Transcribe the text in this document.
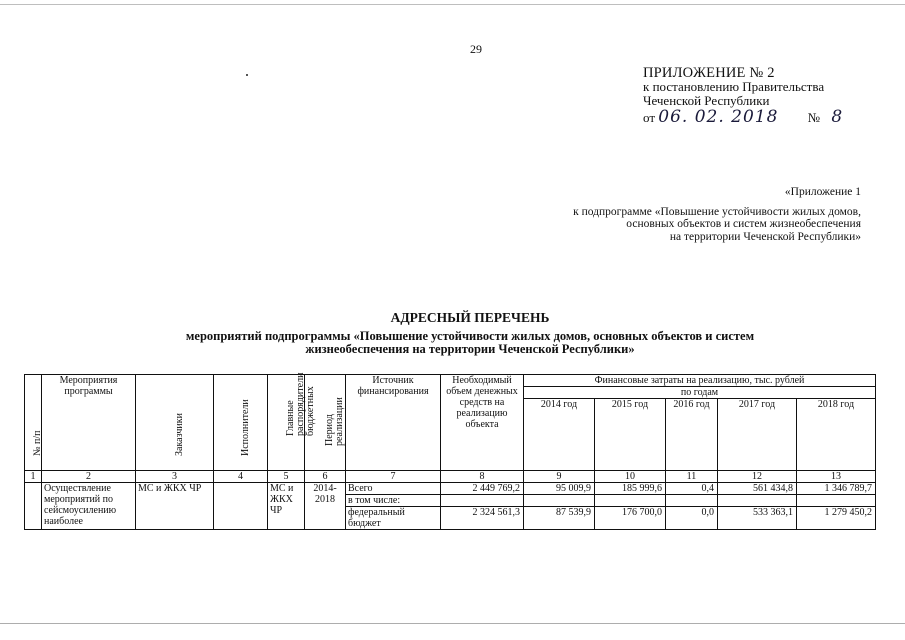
29
ПРИЛОЖЕНИЕ № 2
к постановлению Правительства
Чеченской Республики
от 06. 02. 2018 № 8
«Приложение 1
к подпрограмме «Повышение устойчивости жилых домов,
основных объектов и систем жизнеобеспечения
на территории Чеченской Республики»
АДРЕСНЫЙ ПЕРЕЧЕНЬ
мероприятий подпрограммы «Повышение устойчивости жилых домов, основных объектов и систем
жизнеобеспечения на территории Чеченской Республики»
№ п/п	Мероприятия программы	Заказчики	Исполнители	Главные распорядители бюджетных	Период реализации	Источник финансирования	Необходимый объем денежных средств на реализацию объекта	Финансовые затраты на реализацию, тыс. рублей				
								по годам				
								2014 год	2015 год	2016 год	2017 год	2018 год
1	2	3	4	5	6	7	8	9	10	11	12	13
	Осуществление мероприятий по сейсмоусилению наиболее	МС и ЖКХ ЧР		МС и ЖКХ ЧР	2014-2018	Всего	2 449 769,2	95 009,9	185 999,6	0,4	561 434,8	1 346 789,7
						в том числе:						
						федеральный бюджет	2 324 561,3	87 539,9	176 700,0	0,0	533 363,1	1 279 450,2
